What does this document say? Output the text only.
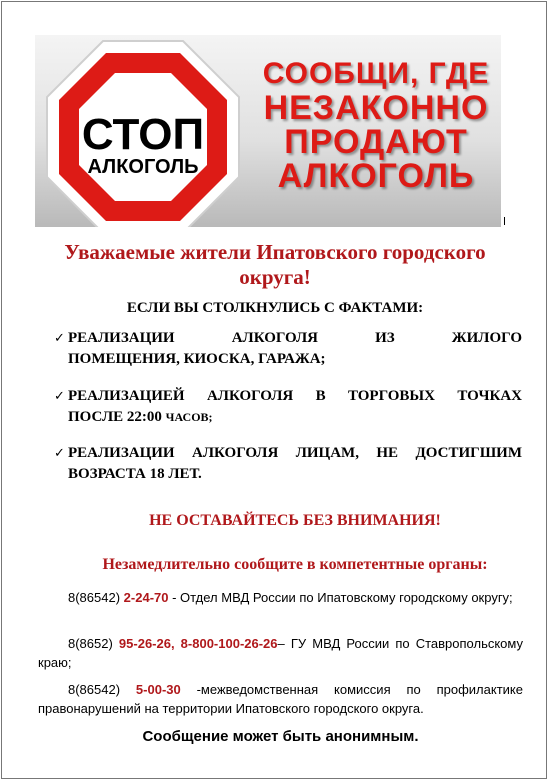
СТОП
АЛКОГОЛЬ
СООБЩИ, ГДЕ
НЕЗАКОННО
ПРОДАЮТ
АЛКОГОЛЬ
Уважаемые жители Ипатовского городского округа!
ЕСЛИ ВЫ СТОЛКНУЛИСЬ С ФАКТАМИ:
✓ РЕАЛИЗАЦИИ АЛКОГОЛЯ ИЗ ЖИЛОГО
ПОМЕЩЕНИЯ, КИОСКА, ГАРАЖА;
✓ РЕАЛИЗАЦИЕЙ АЛКОГОЛЯ В ТОРГОВЫХ ТОЧКАХ
ПОСЛЕ 22:00 ЧАСОВ;
✓ РЕАЛИЗАЦИИ АЛКОГОЛЯ ЛИЦАМ, НЕ ДОСТИГШИМ
ВОЗРАСТА 18 ЛЕТ.
НЕ ОСТАВАЙТЕСЬ БЕЗ ВНИМАНИЯ!
Незамедлительно сообщите в компетентные органы:
8(86542) 2-24-70 - Отдел МВД России по Ипатовскому городскому округу;
8(8652) 95-26-26, 8-800-100-26-26– ГУ МВД России по Ставропольскому краю;
8(86542) 5-00-30 -межведомственная комиссия по профилактике правонарушений на территории Ипатовского городского округа.
Сообщение может быть анонимным.
